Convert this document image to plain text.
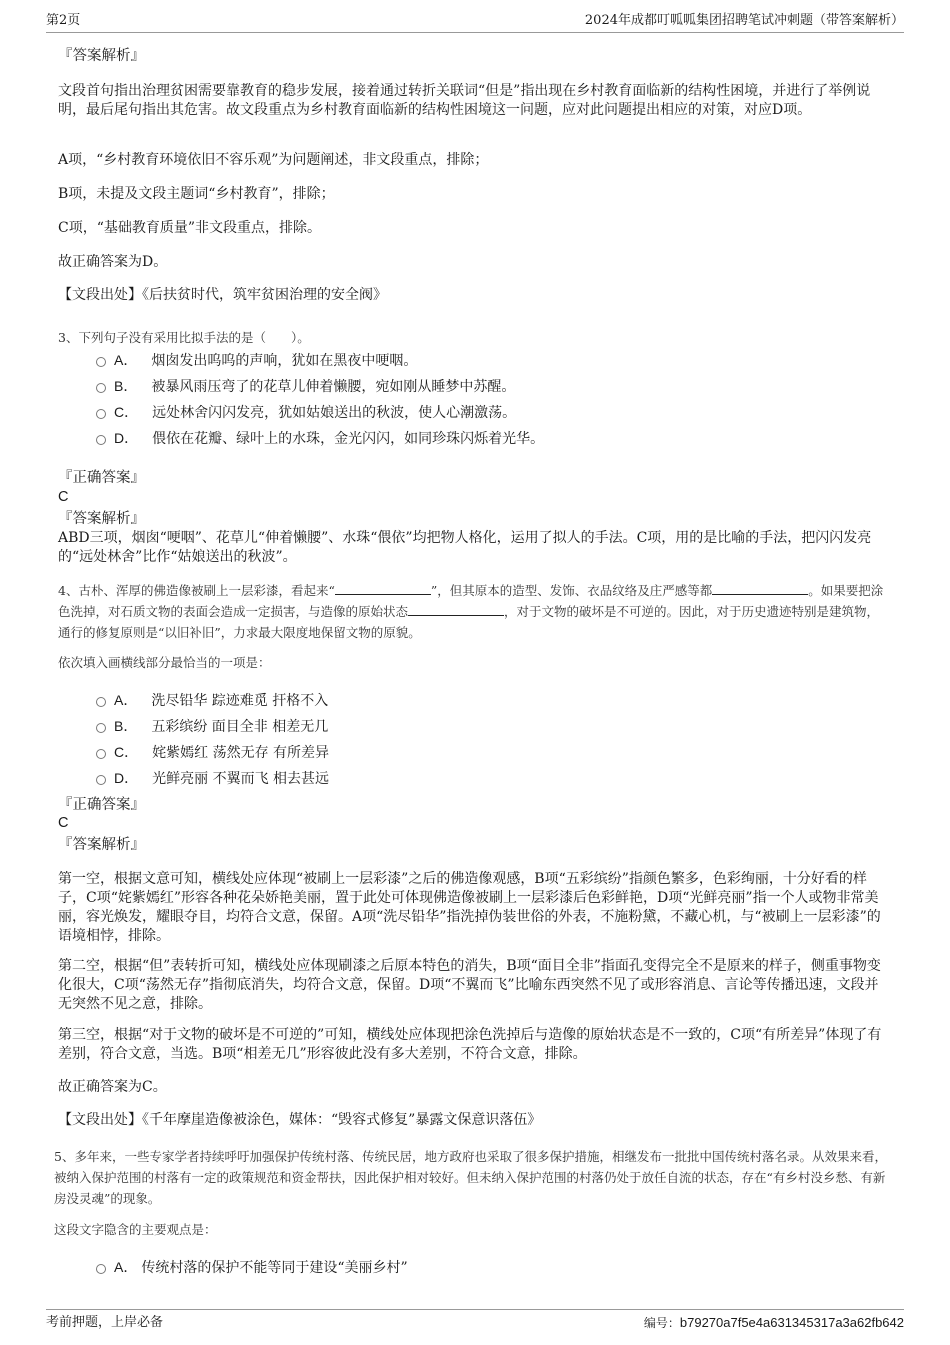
第2页	2024年成都叮呱呱集团招聘笔试冲刺题（带答案解析）
『答案解析』
文段首句指出治理贫困需要靠教育的稳步发展，接着通过转折关联词“但是”指出现在乡村教育面临新的结构性困境，并进行了举例说明，最后尾句指出其危害。故文段重点为乡村教育面临新的结构性困境这一问题，应对此问题提出相应的对策，对应D项。
A项，“乡村教育环境依旧不容乐观”为问题阐述，非文段重点，排除；
B项，未提及文段主题词“乡村教育”，排除；
C项，“基础教育质量”非文段重点，排除。
故正确答案为D。
【文段出处】《后扶贫时代，筑牢贫困治理的安全阀》
3、下列句子没有采用比拟手法的是（　　）。
A． 烟囱发出呜呜的声响，犹如在黑夜中哽咽。
B． 被暴风雨压弯了的花草儿伸着懒腰，宛如刚从睡梦中苏醒。
C． 远处林舍闪闪发亮，犹如姑娘送出的秋波，使人心潮激荡。
D． 偎依在花瓣、绿叶上的水珠，金光闪闪，如同珍珠闪烁着光华。
『正确答案』
C
『答案解析』
ABD三项，烟囱“哽咽”、花草儿“伸着懒腰”、水珠“偎依”均把物人格化，运用了拟人的手法。C项，用的是比喻的手法，把闪闪发亮的“远处林舍”比作“姑娘送出的秋波”。
4、古朴、浑厚的佛造像被刷上一层彩漆，看起来“	”，但其原本的造型、发饰、衣品纹络及庄严感等都	。如果要把涂色洗掉，对石质文物的表面会造成一定损害，与造像的原始状态	，对于文物的破坏是不可逆的。因此，对于历史遗迹特别是建筑物，通行的修复原则是“以旧补旧”，力求最大限度地保留文物的原貌。
依次填入画横线部分最恰当的一项是：
A． 洗尽铅华 踪迹难觅 扞格不入
B． 五彩缤纷 面目全非 相差无几
C． 姹紫嫣红 荡然无存 有所差异
D． 光鲜亮丽 不翼而飞 相去甚远
『正确答案』
C
『答案解析』
第一空，根据文意可知，横线处应体现“被刷上一层彩漆”之后的佛造像观感，B项“五彩缤纷”指颜色繁多，色彩绚丽，十分好看的样子，C项“姹紫嫣红”形容各种花朵娇艳美丽，置于此处可体现佛造像被刷上一层彩漆后色彩鲜艳，D项“光鲜亮丽”指一个人或物非常美丽，容光焕发，耀眼夺目，均符合文意，保留。A项“洗尽铅华”指洗掉伪装世俗的外表，不施粉黛，不藏心机，与“被刷上一层彩漆”的语境相悖，排除。
第二空，根据“但”表转折可知，横线处应体现刷漆之后原本特色的消失，B项“面目全非”指面孔变得完全不是原来的样子，侧重事物变化很大，C项“荡然无存”指彻底消失，均符合文意，保留。D项“不翼而飞”比喻东西突然不见了或形容消息、言论等传播迅速，文段并无突然不见之意，排除。
第三空，根据“对于文物的破坏是不可逆的”可知，横线处应体现把涂色洗掉后与造像的原始状态是不一致的，C项“有所差异”体现了有差别，符合文意，当选。B项“相差无几”形容彼此没有多大差别，不符合文意，排除。
故正确答案为C。
【文段出处】《千年摩崖造像被涂色，媒体：“毁容式修复”暴露文保意识落伍》
5、多年来，一些专家学者持续呼吁加强保护传统村落、传统民居，地方政府也采取了很多保护措施，相继发布一批批中国传统村落名录。从效果来看，被纳入保护范围的村落有一定的政策规范和资金帮扶，因此保护相对较好。但未纳入保护范围的村落仍处于放任自流的状态，存在“有乡村没乡愁、有新房没灵魂”的现象。
这段文字隐含的主要观点是：
A． 传统村落的保护不能等同于建设“美丽乡村”
考前押题，上岸必备	编号：b79270a7f5e4a631345317a3a62fb642
